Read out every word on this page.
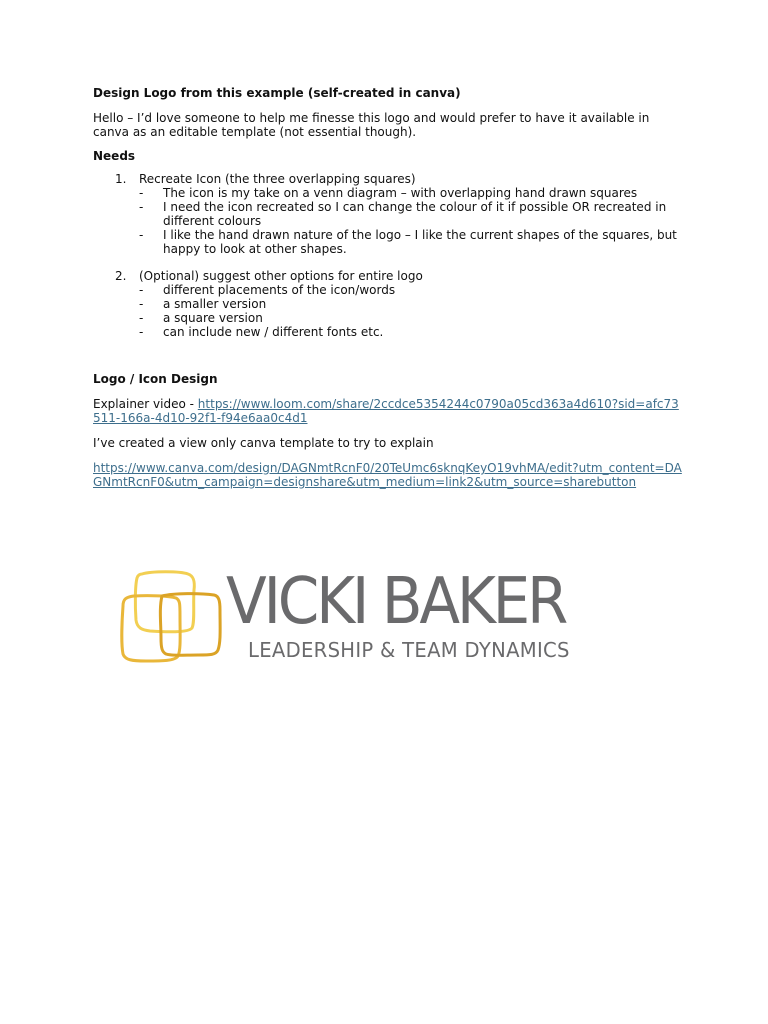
Design Logo from this example (self-created in canva)

Hello – I’d love someone to help me finesse this logo and would prefer to have it available in canva as an editable template (not essential though).

Needs

1. Recreate Icon (the three overlapping squares)
- The icon is my take on a venn diagram – with overlapping hand drawn squares
- I need the icon recreated so I can change the colour of it if possible OR recreated in different colours
- I like the hand drawn nature of the logo – I like the current shapes of the squares, but happy to look at other shapes.
2. (Optional) suggest other options for entire logo
- different placements of the icon/words
- a smaller version
- a square version
- can include new / different fonts etc.

Logo / Icon Design

Explainer video - https://www.loom.com/share/2ccdce5354244c0790a05cd363a4d610?sid=afc73511-166a-4d10-92f1-f94e6aa0c4d1

I’ve created a view only canva template to try to explain

https://www.canva.com/design/DAGNmtRcnF0/20TeUmc6sknqKeyO19vhMA/edit?utm_content=DAGNmtRcnF0&utm_campaign=designshare&utm_medium=link2&utm_source=sharebutton

VICKI BAKER
LEADERSHIP & TEAM DYNAMICS
